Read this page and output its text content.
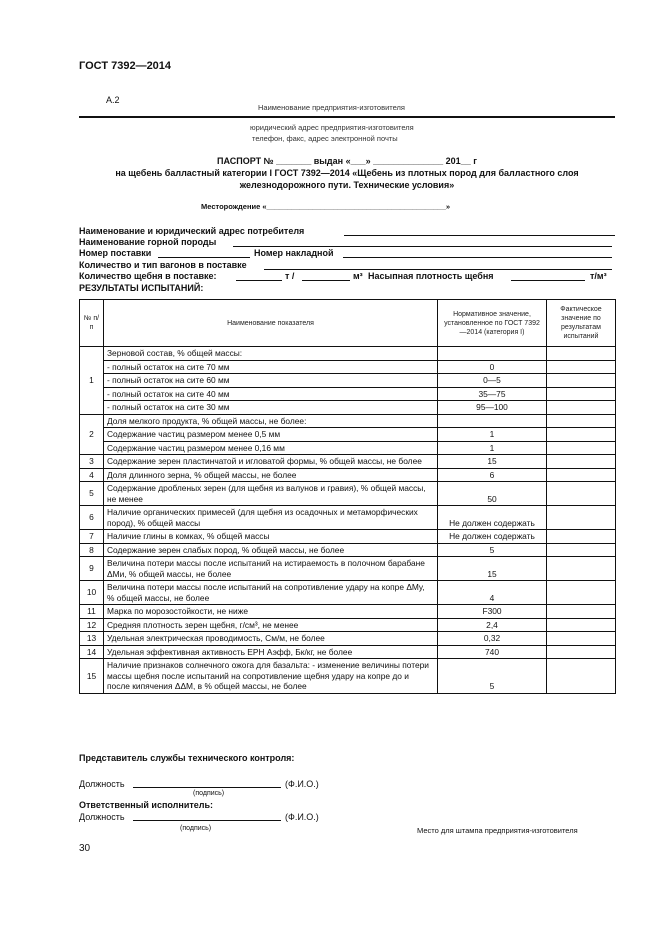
ГОСТ 7392—2014
А.2
Наименование предприятия-изготовителя
юридический адрес предприятия-изготовителя
телефон, факс, адрес электронной почты
ПАСПОРТ № _______ выдан «___» ______________ 201__ г
на щебень балластный категории I ГОСТ 7392—2014 «Щебень из плотных пород для балластного слоя
железнодорожного пути. Технические условия»
Месторождение «___________________________________________»
Наименование и юридический адрес потребителя
Наименование горной породы
Номер поставки	Номер накладной
Количество и тип вагонов в поставке
Количество щебня в поставке:	т /	м³ Насыпная плотность щебня	т/м³
РЕЗУЛЬТАТЫ ИСПЫТАНИЙ:
№ п/п	Наименование показателя	Нормативное значение, установленное по ГОСТ 7392—2014 (категория I)	Фактическое значение по результатам испытаний
1	Зерновой состав, % общей массы:		
	- полный остаток на сите 70 мм	0	
	- полный остаток на сите 60 мм	0—5	
	- полный остаток на сите 40 мм	35—75	
	- полный остаток на сите 30 мм	95—100	
2	Доля мелкого продукта, % общей массы, не более:		
	Содержание частиц размером менее 0,5 мм	1	
	Содержание частиц размером менее 0,16 мм	1	
3	Содержание зерен пластинчатой и игловатой формы, % общей массы, не более	15	
4	Доля длинного зерна, % общей массы, не более	6	
5	Содержание дробленых зерен (для щебня из валунов и гравия), % общей массы, не менее	50	
6	Наличие органических примесей (для щебня из осадочных и метаморфических пород), % общей массы	Не должен содержать	
7	Наличие глины в комках, % общей массы	Не должен содержать	
8	Содержание зерен слабых пород, % общей массы, не более	5	
9	Величина потери массы после испытаний на истираемость в полочном барабане ΔMи, % общей массы, не более	15	
10	Величина потери массы после испытаний на сопротивление удару на копре ΔMу, % общей массы, не более	4	
11	Марка по морозостойкости, не ниже	F300	
12	Средняя плотность зерен щебня, г/см³, не менее	2,4	
13	Удельная электрическая проводимость, См/м, не более	0,32	
14	Удельная эффективная активность ЕРН Аэфф, Бк/кг, не более	740	
15	Наличие признаков солнечного ожога для базальта: - изменение величины потери массы щебня после испытаний на сопротивление щебня удару на копре до и после кипячения ΔΔM, в % общей массы, не более	5	
Представитель службы технического контроля:
Должность	(Ф.И.О.)
(подпись)
Ответственный исполнитель:
Должность	(Ф.И.О.)
(подпись)	Место для штампа предприятия-изготовителя
30
